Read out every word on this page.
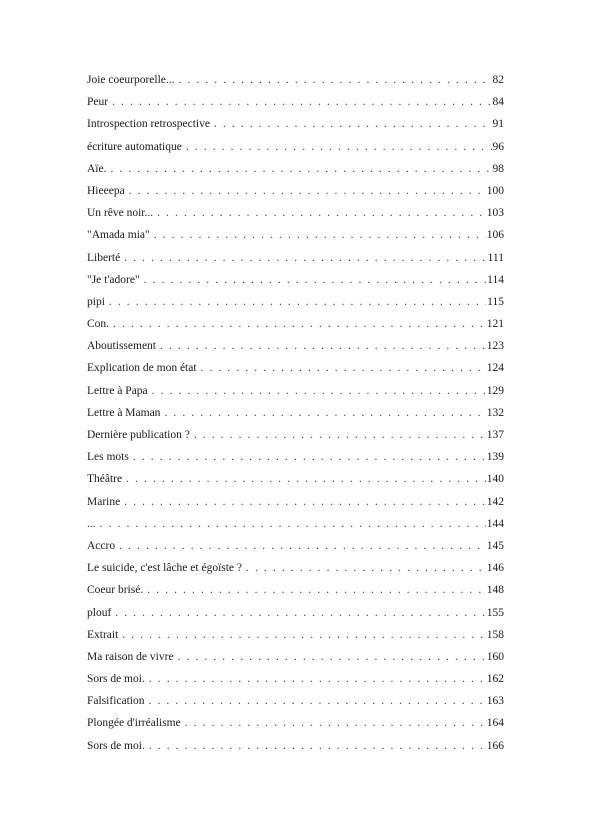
Joie coeurporelle... . . .	82
Peur . . .	84
Introspection retrospective . . .	91
écriture automatique . . .	96
Aïe. . . .	98
Hieeepa . . .	100
Un rêve noir... . . .	103
"Amada mia" . . .	106
Liberté . . .	111
"Je t'adore" . . .	114
pipi . . .	115
Con. . . .	121
Aboutissement . . .	123
Explication de mon état . . .	124
Lettre à Papa . . .	129
Lettre à Maman . . .	132
Dernière publication ? . . .	137
Les mots . . .	139
Théâtre . . .	140
Marine . . .	142
... . . .	144
Accro . . .	145
Le suicide, c'est lâche et égoïste ? . . .	146
Coeur brisé. . . .	148
plouf . . .	155
Extrait . . .	158
Ma raison de vivre . . .	160
Sors de moi. . . .	162
Falsification . . .	163
Plongée d'irréalisme . . .	164
Sors de moi. . . .	166
